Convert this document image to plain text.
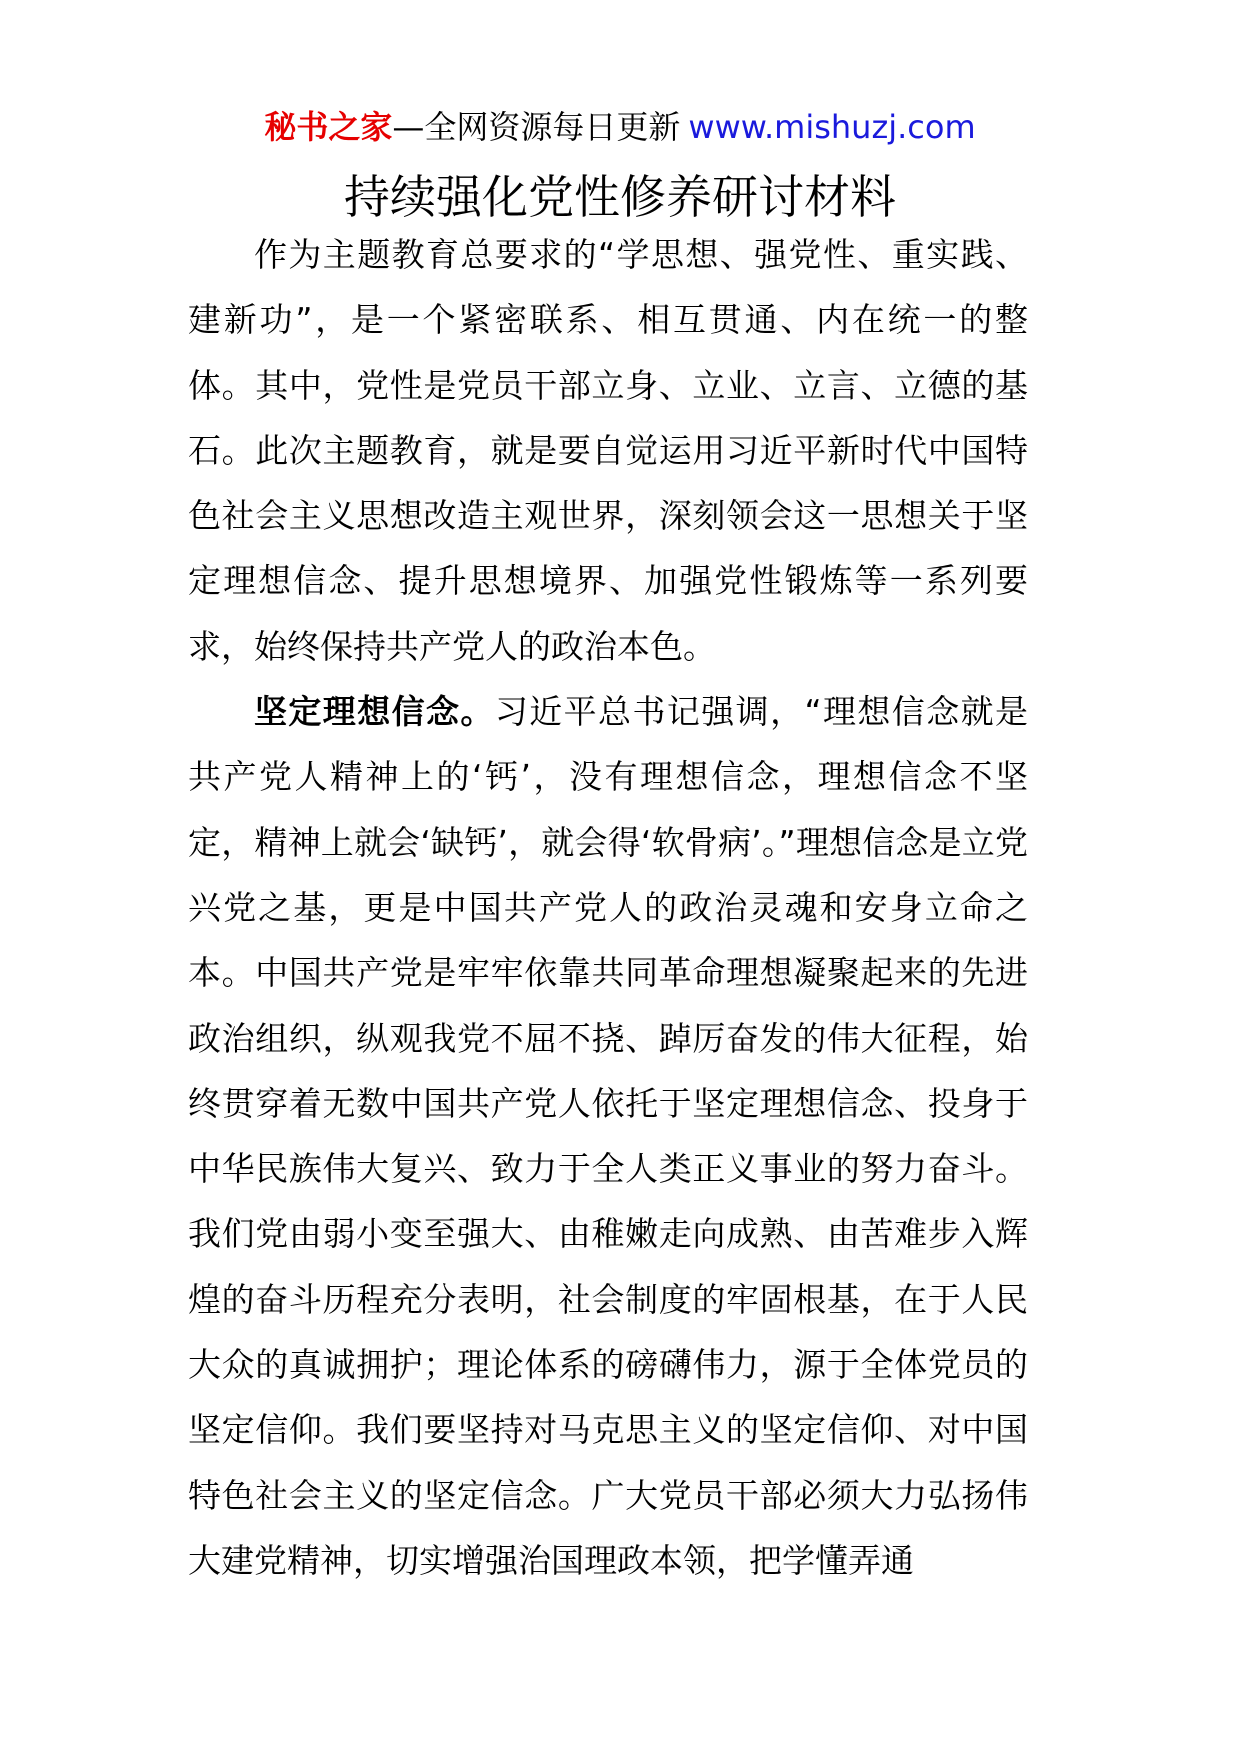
秘书之家—全网资源每日更新 www.mishuzj.com
持续强化党性修养研讨材料

作为主题教育总要求的“学思想、强党性、重实践、建新功”，是一个紧密联系、相互贯通、内在统一的整体。其中，党性是党员干部立身、立业、立言、立德的基石。此次主题教育，就是要自觉运用习近平新时代中国特色社会主义思想改造主观世界，深刻领会这一思想关于坚定理想信念、提升思想境界、加强党性锻炼等一系列要求，始终保持共产党人的政治本色。

坚定理想信念。习近平总书记强调，“理想信念就是共产党人精神上的‘钙’，没有理想信念，理想信念不坚定，精神上就会‘缺钙’，就会得‘软骨病’。”理想信念是立党兴党之基，更是中国共产党人的政治灵魂和安身立命之本。中国共产党是牢牢依靠共同革命理想凝聚起来的先进政治组织，纵观我党不屈不挠、踔厉奋发的伟大征程，始终贯穿着无数中国共产党人依托于坚定理想信念、投身于中华民族伟大复兴、致力于全人类正义事业的努力奋斗。我们党由弱小变至强大、由稚嫩走向成熟、由苦难步入辉煌的奋斗历程充分表明，社会制度的牢固根基，在于人民大众的真诚拥护；理论体系的磅礴伟力，源于全体党员的坚定信仰。我们要坚持对马克思主义的坚定信仰、对中国特色社会主义的坚定信念。广大党员干部必须大力弘扬伟大建党精神，切实增强治国理政本领，把学懂弄通
